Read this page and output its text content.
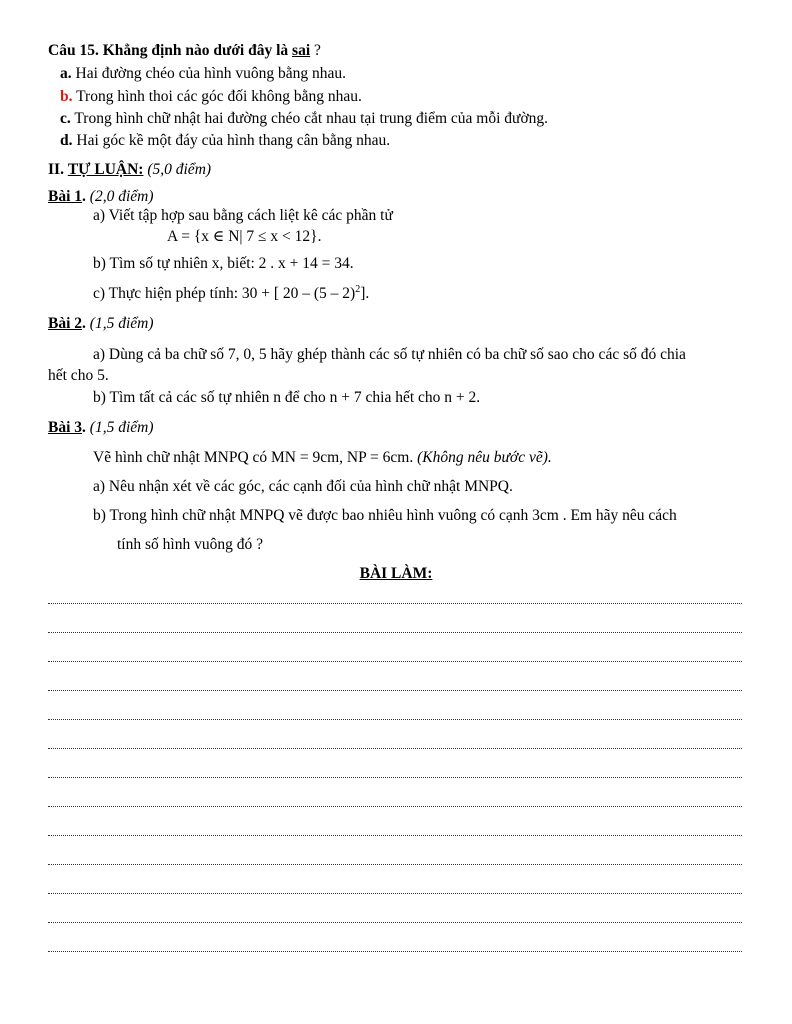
Câu 15. Khẳng định nào dưới đây là sai ?
a. Hai đường chéo của hình vuông bằng nhau.
b. Trong hình thoi các góc đối không bằng nhau.
c. Trong hình chữ nhật hai đường chéo cắt nhau tại trung điểm của mỗi đường.
d. Hai góc kề một đáy của hình thang cân bằng nhau.
II. TỰ LUẬN: (5,0 điểm)
Bài 1. (2,0 điểm)
a) Viết tập hợp sau bằng cách liệt kê các phần tử
A = {x ∈ N‌| 7 ≤ x < 12}.
b) Tìm số tự nhiên x, biết: 2 . x + 14 = 34.
c) Thực hiện phép tính: 30 + [ 20 – (5 – 2)$^2$].
Bài 2. (1,5 điểm)
a) Dùng cả ba chữ số 7, 0, 5 hãy ghép thành các số tự nhiên có ba chữ số sao cho các số đó chia
hết cho 5.
b) Tìm tất cả các số tự nhiên n để cho n + 7 chia hết cho n + 2.
Bài 3. (1,5 điểm)
Vẽ hình chữ nhật MNPQ có MN = 9cm, NP = 6cm. (Không nêu bước vẽ).
a) Nêu nhận xét về các góc, các cạnh đối của hình chữ nhật MNPQ.
b) Trong hình chữ nhật MNPQ vẽ được bao nhiêu hình vuông có cạnh 3cm . Em hãy nêu cách
tính số hình vuông đó ?
BÀI LÀM:
